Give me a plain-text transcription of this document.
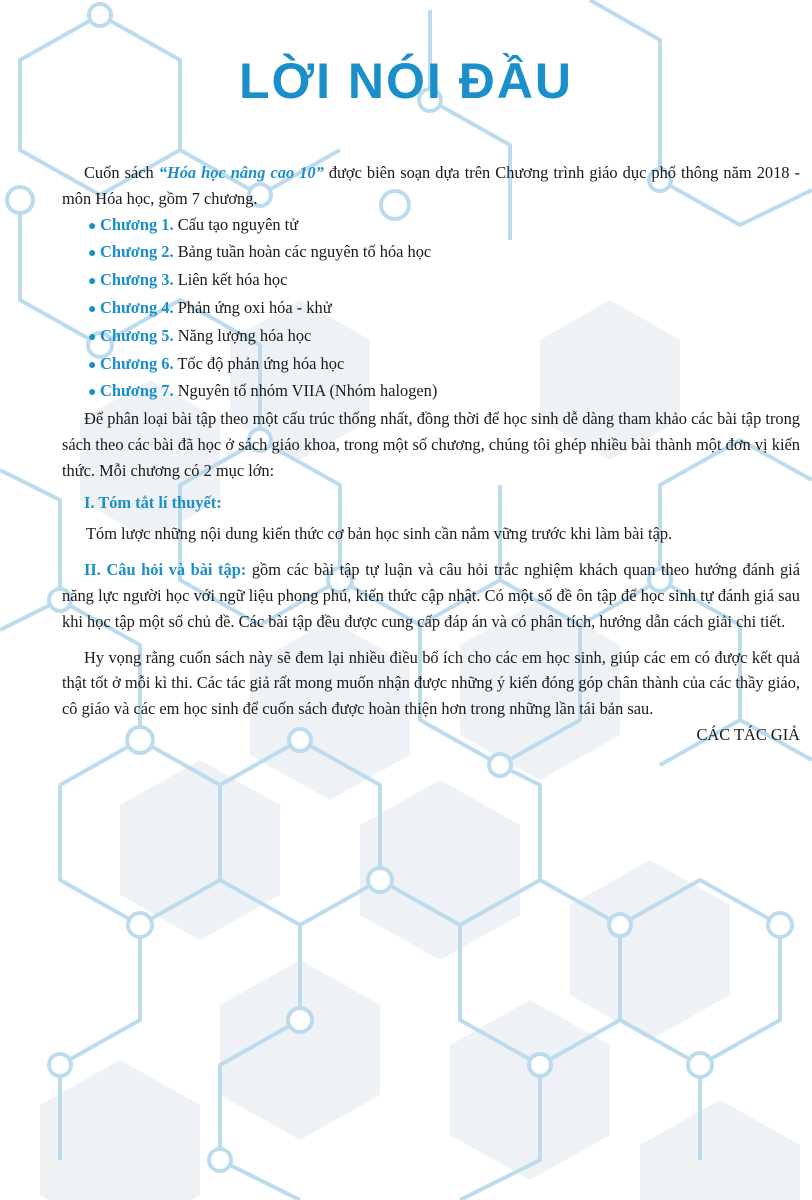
LỜI NÓI ĐẦU

Cuốn sách “Hóa học nâng cao 10” được biên soạn dựa trên Chương trình giáo dục phổ thông năm 2018 - môn Hóa học, gồm 7 chương.

● Chương 1. Cấu tạo nguyên tử
● Chương 2. Bảng tuần hoàn các nguyên tố hóa học
● Chương 3. Liên kết hóa học
● Chương 4. Phản ứng oxi hóa - khử
● Chương 5. Năng lượng hóa học
● Chương 6. Tốc độ phản ứng hóa học
● Chương 7. Nguyên tố nhóm VIIA (Nhóm halogen)

Để phân loại bài tập theo một cấu trúc thống nhất, đồng thời để học sinh dễ dàng tham khảo các bài tập trong sách theo các bài đã học ở sách giáo khoa, trong một số chương, chúng tôi ghép nhiều bài thành một đơn vị kiến thức. Mỗi chương có 2 mục lớn:

I. Tóm tắt lí thuyết:

Tóm lược những nội dung kiến thức cơ bản học sinh cần nắm vững trước khi làm bài tập.

II. Câu hỏi và bài tập: gồm các bài tập tự luận và câu hỏi trắc nghiệm khách quan theo hướng đánh giá năng lực người học với ngữ liệu phong phú, kiến thức cập nhật. Có một số đề ôn tập để học sinh tự đánh giá sau khi học tập một số chủ đề. Các bài tập đều được cung cấp đáp án và có phân tích, hướng dẫn cách giải chi tiết.

Hy vọng rằng cuốn sách này sẽ đem lại nhiều điều bổ ích cho các em học sinh, giúp các em có được kết quả thật tốt ở mỗi kì thi. Các tác giả rất mong muốn nhận được những ý kiến đóng góp chân thành của các thầy giáo, cô giáo và các em học sinh để cuốn sách được hoàn thiện hơn trong những lần tái bản sau.

CÁC TÁC GIẢ
